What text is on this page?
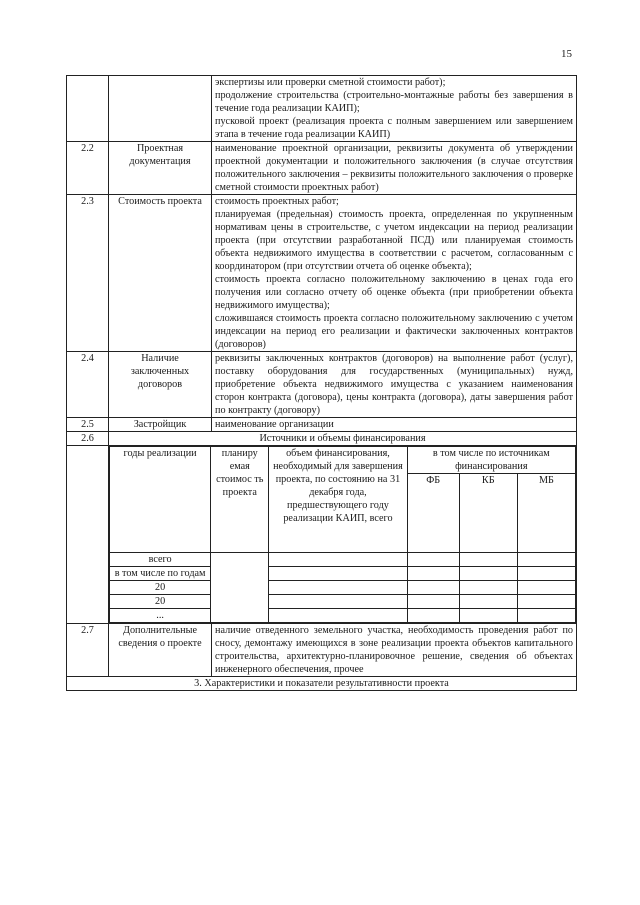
15

экспертизы или проверки сметной стоимости работ);

продолжение строительства (строительно-монтажные работы без завершения в течение года реализации КАИП);

пусковой проект (реализация проекта с полным завершением или завершением этапа в течение года реализации КАИП)

2.2	Проектная документация	наименование проектной организации, реквизиты документа об утверждении проектной документации и положительного заключения (в случае отсутствия положительного заключения – реквизиты положительного заключения о проверке сметной стоимости проектных работ)
2.3	Стоимость проекта	стоимость проектных работ;

планируемая (предельная) стоимость проекта, определенная по укрупненным нормативам цены в строительстве, с учетом индексации на период реализации проекта (при отсутствии разработанной ПСД) или планируемая стоимость объекта недвижимого имущества в соответствии с расчетом, согласованным с координатором (при отсутствии отчета об оценке объекта);

стоимость проекта согласно положительному заключению в ценах года его получения или согласно отчету об оценке объекта (при приобретении объекта недвижимого имущества);

сложившаяся стоимость проекта согласно положительному заключению с учетом индексации на период его реализации и фактически заключенных контрактов (договоров)

2.4	Наличие заключенных договоров	реквизиты заключенных контрактов (договоров) на выполнение работ (услуг), поставку оборудования для государственных (муниципальных) нужд, приобретение объекта недвижимого имущества с указанием наименования сторон контракта (договора), цены контракта (договора), даты завершения работ по контракту (договору)
2.5	Застройщик	наименование организации
2.6	Источники и объемы финансирования

годы реализации	планиру емая стоимос ть проекта	объем финансирования, необходимый для завершения проекта, по состоянию на 31 декабря года, предшествующего году реализации КАИП, всего	в том числе по источникам финансирования
ФБ	КБ	МБ
всего					
в том числе по годам				
20				
20				
...				

2.7	Дополнительные сведения о проекте	наличие отведенного земельного участка, необходимость проведения работ по сносу, демонтажу имеющихся в зоне реализации проекта объектов капитального строительства, архитектурно-планировочное решение, сведения об объектах инженерного обеспечения, прочее
3. Характеристики и показатели результативности проекта
